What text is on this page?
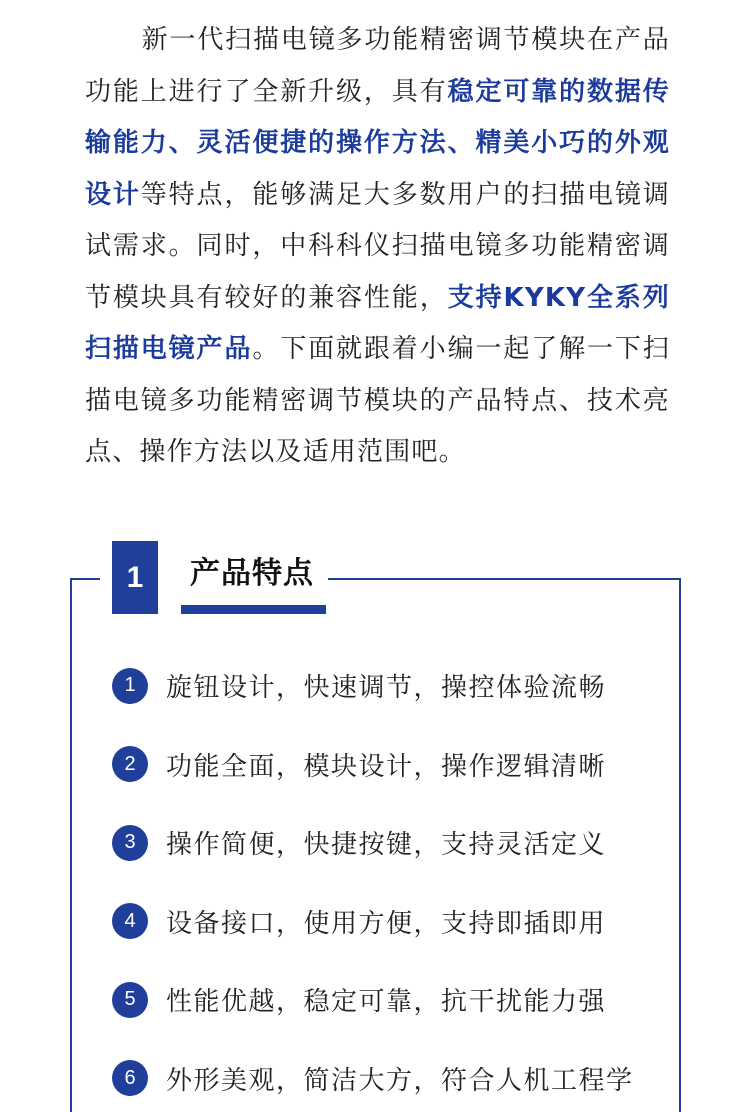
新一代扫描电镜多功能精密调节模块在产品功能上进行了全新升级，具有稳定可靠的数据传输能力、灵活便捷的操作方法、精美小巧的外观设计等特点，能够满足大多数用户的扫描电镜调试需求。同时，中科科仪扫描电镜多功能精密调节模块具有较好的兼容性能，支持KYKY全系列扫描电镜产品。下面就跟着小编一起了解一下扫描电镜多功能精密调节模块的产品特点、技术亮点、操作方法以及适用范围吧。

1	产品特点
1	旋钮设计，快速调节，操控体验流畅
2	功能全面，模块设计，操作逻辑清晰
3	操作简便，快捷按键，支持灵活定义
4	设备接口，使用方便，支持即插即用
5	性能优越，稳定可靠，抗干扰能力强
6	外形美观，简洁大方，符合人机工程学
